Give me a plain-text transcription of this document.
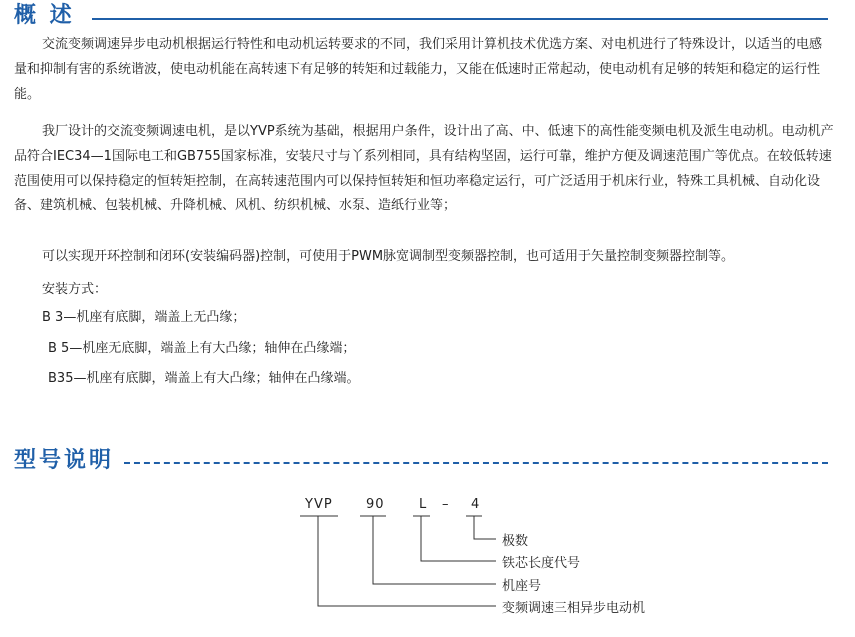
概 述
交流变频调速异步电动机根据运行特性和电动机运转要求的不同，我们采用计算机技术优选方案、对电机进行了特殊设计，以适当的电感量和抑制有害的系统谐波，使电动机能在高转速下有足够的转矩和过载能力，又能在低速时正常起动，使电动机有足够的转矩和稳定的运行性能。
我厂设计的交流变频调速电机，是以YVP系统为基础，根据用户条件，设计出了高、中、低速下的高性能变频电机及派生电动机。电动机产品符合IEC34—1国际电工和GB755国家标准，安装尺寸与丫系列相同，具有结构坚固，运行可靠，维护方便及调速范围广等优点。在较低转速范围使用可以保持稳定的恒转矩控制，在高转速范围内可以保持恒转矩和恒功率稳定运行，可广泛适用于机床行业，特殊工具机械、自动化设备、建筑机械、包装机械、升降机械、风机、纺织机械、水泵、造纸行业等；
可以实现开环控制和闭环(安装编码器)控制，可使用于PWM脉宽调制型变频器控制，也可适用于矢量控制变频器控制等。
安装方式：
B 3—机座有底脚，端盖上无凸缘；
B 5—机座无底脚，端盖上有大凸缘；轴伸在凸缘端；
B35—机座有底脚，端盖上有大凸缘；轴伸在凸缘端。
型号说明
YVP	90	L – 4
极数
铁芯长度代号
机座号
变频调速三相异步电动机
